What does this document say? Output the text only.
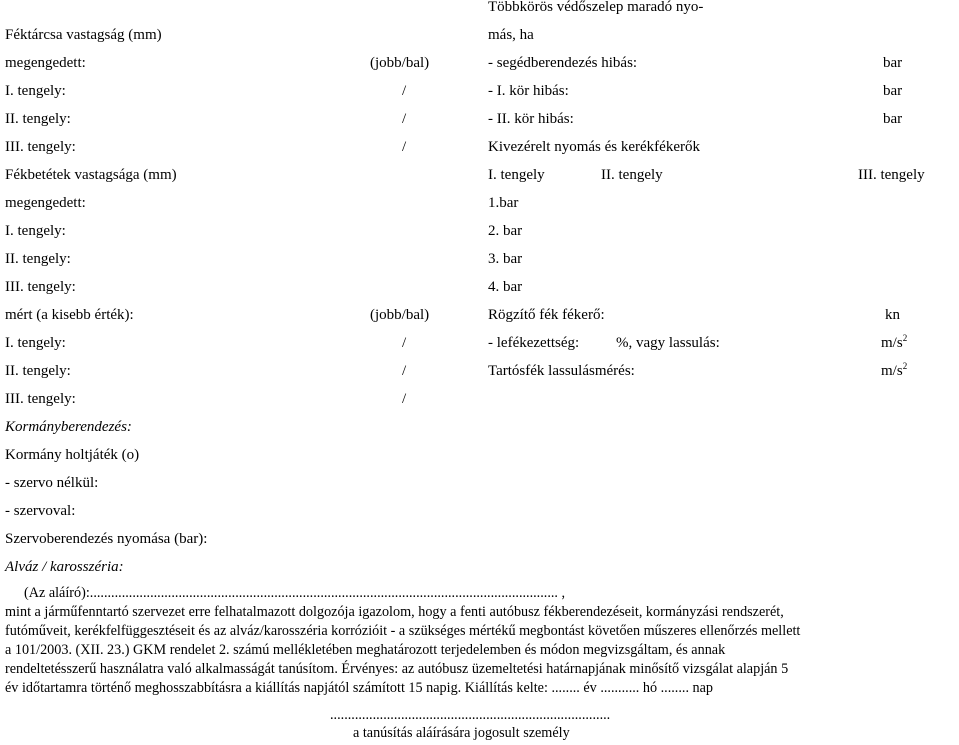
Féktárcsa vastagság (mm)
megengedett:	(jobb/bal)
I. tengely:	/
II. tengely:	/
III. tengely:	/
Fékbetétek vastagsága (mm)
megengedett:
I. tengely:
II. tengely:
III. tengely:
mért (a kisebb érték):	(jobb/bal)
I. tengely:	/
II. tengely:	/
III. tengely:	/
Kormányberendezés:
Kormány holtjáték (o)
- szervo nélkül:
- szervoval:
Szervoberendezés nyomása (bar):
Alváz / karosszéria:
Többkörös védőszelep maradó nyo-
más, ha
- segédberendezés hibás:	bar
- I. kör hibás:	bar
- II. kör hibás:	bar
Kivezérelt nyomás és kerékfékerők
I. tengely	II. tengely	III. tengely
1.bar
2. bar
3. bar
4. bar
Rögzítő fék fékerő:	kn
- lefékezettség: %, vagy lassulás:	$m/s^2$
Tartósfék lassulásmérés:	$m/s^2$
(Az aláíró):.................................................................................................................................... ,
mint a járműfenntartó szervezet erre felhatalmazott dolgozója igazolom, hogy a fenti autóbusz fékberendezéseit, kormányzási rendszerét,
futóműveit, kerékfelfüggesztéseit és az alváz/karosszéria korrózióit - a szükséges mértékű megbontást követően műszeres ellenőrzés mellett
a 101/2003. (XII. 23.) GKM rendelet 2. számú mellékletében meghatározott terjedelemben és módon megvizsgáltam, és annak
rendeltetésszerű használatra való alkalmasságát tanúsítom. Érvényes: az autóbusz üzemeltetési határnapjának minősítő vizsgálat alapján 5
év időtartamra történő meghosszabbításra a kiállítás napjától számított 15 napig. Kiállítás kelte: ........ év ........... hó ........ nap
...............................................................................
a tanúsítás aláírására jogosult személy
